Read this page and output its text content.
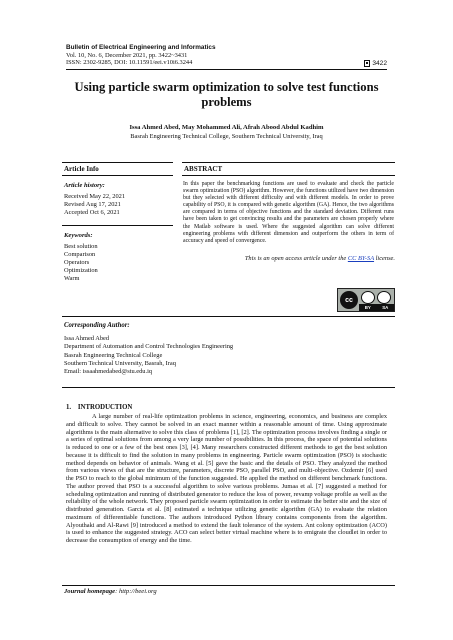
Bulletin of Electrical Engineering and Informatics
Vol. 10, No. 6, December 2021, pp. 3422~3431
ISSN: 2302-9285, DOI: 10.11591/eei.v10i6.3244	3422
Using particle swarm optimization to solve test functions problems
Issa Ahmed Abed, May Mohammed Ali, Afrah Abood Abdul Kadhim
Basrah Engineering Technical College, Southern Technical University, Iraq
Article Info
Article history:
Received May 22, 2021
Revised Aug 17, 2021
Accepted Oct 6, 2021
Keywords:
Best solution
Comparison
Operators
Optimization
Warm
ABSTRACT
In this paper the benchmarking functions are used to evaluate and check the particle swarm optimization (PSO) algorithm. However, the functions utilized have two dimension but they selected with different difficulty and with different models. In order to prove capability of PSO, it is compared with genetic algorithm (GA). Hence, the two algorithms are compared in terms of objective functions and the standard deviation. Different runs have been taken to get convincing results and the parameters are chosen properly where the Matlab software is used. Where the suggested algorithm can solve different engineering problems with different dimension and outperform the others in term of accuracy and speed of convergence.
This is an open access article under the CC BY-SA license.
cc
BY	SA
Corresponding Author:
Issa Ahmed Abed
Department of Automation and Control Technologies Engineering
Basrah Engineering Technical College
Southern Technical University, Basrah, Iraq
Email: issaahmedabed@stu.edu.iq
1.    INTRODUCTION
A large number of real-life optimization problems in science, engineering, economics, and business are complex and difficult to solve. They cannot be solved in an exact manner within a reasonable amount of time. Using approximate algorithms is the main alternative to solve this class of problems [1], [2]. The optimization process involves finding a single or a series of optimal solutions from among a very large number of possibilities. In this process, the space of potential solutions is reduced to one or a few of the best ones [3], [4]. Many researchers constructed different methods to get the best solution because it is difficult to find the solution in many problems in engineering. Particle swarm optimization (PSO) is stochastic method depends on behavior of animals. Wang et al. [5] gave the basic and the details of PSO. They analyzed the method from various views of that are the structure, parameters, discrete PSO, parallel PSO, and multi-objective. Ozdemir [6] used the PSO to reach to the global minimum of the function suggested. He applied the method on different benchmark functions. The author proved that PSO is a successful algorithm to solve various problems. Jumaa et al. [7] suggested a method for scheduling optimization and running of distributed generator to reduce the loss of power, revamp voltage profile as well as the reliability of the whole network. They proposed particle swarm optimization in order to estimate the better site and the size of distributed generation. Garcia et al. [8] estimated a technique utilizing genetic algorithm (GA) to evaluate the relation maximum of differentiable functions. The authors introduced Python library contains components from the algorithm. Alyouthaki and Al-Rawi [9] introduced a method to extend the fault tolerance of the system. Ant colony optimization (ACO) is used to enhance the suggested strategy. ACO can select better virtual machine where is to emigrate the cloudlet in order to decrease the consumption of energy and the time.
Journal homepage: http://beei.org
